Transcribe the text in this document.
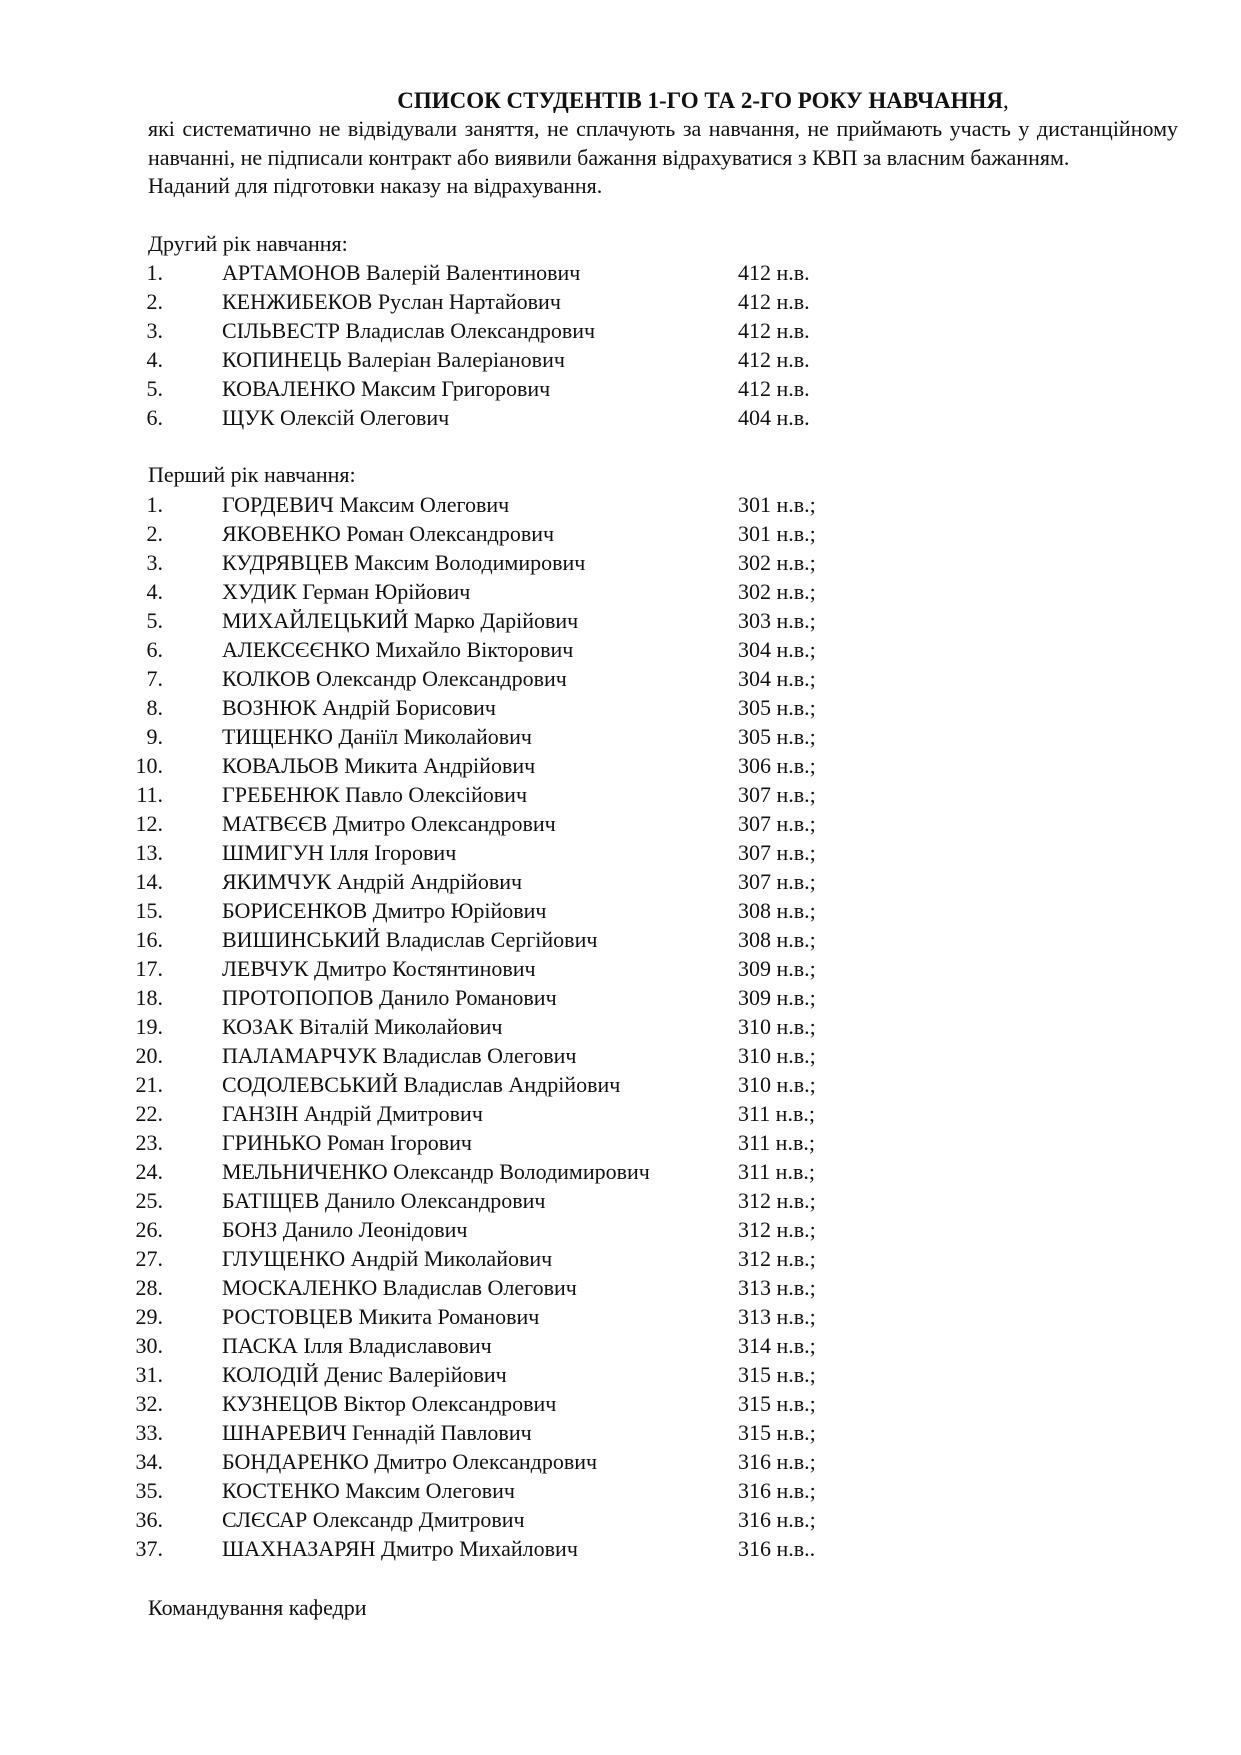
СПИСОК СТУДЕНТІВ 1-ГО ТА 2-ГО РОКУ НАВЧАННЯ,
які систематично не відвідували заняття, не сплачують за навчання, не приймають участь у дистанційному навчанні, не підписали контракт або виявили бажання відрахуватися з КВП за власним бажанням.
Наданий для підготовки наказу на відрахування.
Другий рік навчання:
1.	АРТАМОНОВ Валерій Валентинович	412 н.в.
2.	КЕНЖИБЕКОВ Руслан Нартайович	412 н.в.
3.	СІЛЬВЕСТР Владислав Олександрович	412 н.в.
4.	КОПИНЕЦЬ Валеріан Валеріанович	412 н.в.
5.	КОВАЛЕНКО Максим Григорович	412 н.в.
6.	ЩУК Олексій Олегович	404 н.в.
Перший рік навчання:
1.	ГОРДЕВИЧ Максим Олегович	301 н.в.;
2.	ЯКОВЕНКО Роман Олександрович	301 н.в.;
3.	КУДРЯВЦЕВ Максим Володимирович	302 н.в.;
4.	ХУДИК Герман Юрійович	302 н.в.;
5.	МИХАЙЛЕЦЬКИЙ Марко Дарійович	303 н.в.;
6.	АЛЕКСЄЄНКО Михайло Вікторович	304 н.в.;
7.	КОЛКОВ Олександр Олександрович	304 н.в.;
8.	ВОЗНЮК Андрій Борисович	305 н.в.;
9.	ТИЩЕНКО Даніїл Миколайович	305 н.в.;
10.	КОВАЛЬОВ Микита Андрійович	306 н.в.;
11.	ГРЕБЕНЮК Павло Олексійович	307 н.в.;
12.	МАТВЄЄВ Дмитро Олександрович	307 н.в.;
13.	ШМИГУН Ілля Ігорович	307 н.в.;
14.	ЯКИМЧУК Андрій Андрійович	307 н.в.;
15.	БОРИСЕНКОВ Дмитро Юрійович	308 н.в.;
16.	ВИШИНСЬКИЙ Владислав Сергійович	308 н.в.;
17.	ЛЕВЧУК Дмитро Костянтинович	309 н.в.;
18.	ПРОТОПОПОВ Данило Романович	309 н.в.;
19.	КОЗАК Віталій Миколайович	310 н.в.;
20.	ПАЛАМАРЧУК Владислав Олегович	310 н.в.;
21.	СОДОЛЕВСЬКИЙ Владислав Андрійович	310 н.в.;
22.	ГАНЗІН Андрій Дмитрович	311 н.в.;
23.	ГРИНЬКО Роман Ігорович	311 н.в.;
24.	МЕЛЬНИЧЕНКО Олександр Володимирович	311 н.в.;
25.	БАТІЩЕВ Данило Олександрович	312 н.в.;
26.	БОНЗ Данило Леонідович	312 н.в.;
27.	ГЛУЩЕНКО Андрій Миколайович	312 н.в.;
28.	МОСКАЛЕНКО Владислав Олегович	313 н.в.;
29.	РОСТОВЦЕВ Микита Романович	313 н.в.;
30.	ПАСКА Ілля Владиславович	314 н.в.;
31.	КОЛОДІЙ Денис Валерійович	315 н.в.;
32.	КУЗНЕЦОВ Віктор Олександрович	315 н.в.;
33.	ШНАРЕВИЧ Геннадій Павлович	315 н.в.;
34.	БОНДАРЕНКО Дмитро Олександрович	316 н.в.;
35.	КОСТЕНКО Максим Олегович	316 н.в.;
36.	СЛЄСАР Олександр Дмитрович	316 н.в.;
37.	ШАХНАЗАРЯН Дмитро Михайлович	316 н.в..
Командування кафедри
